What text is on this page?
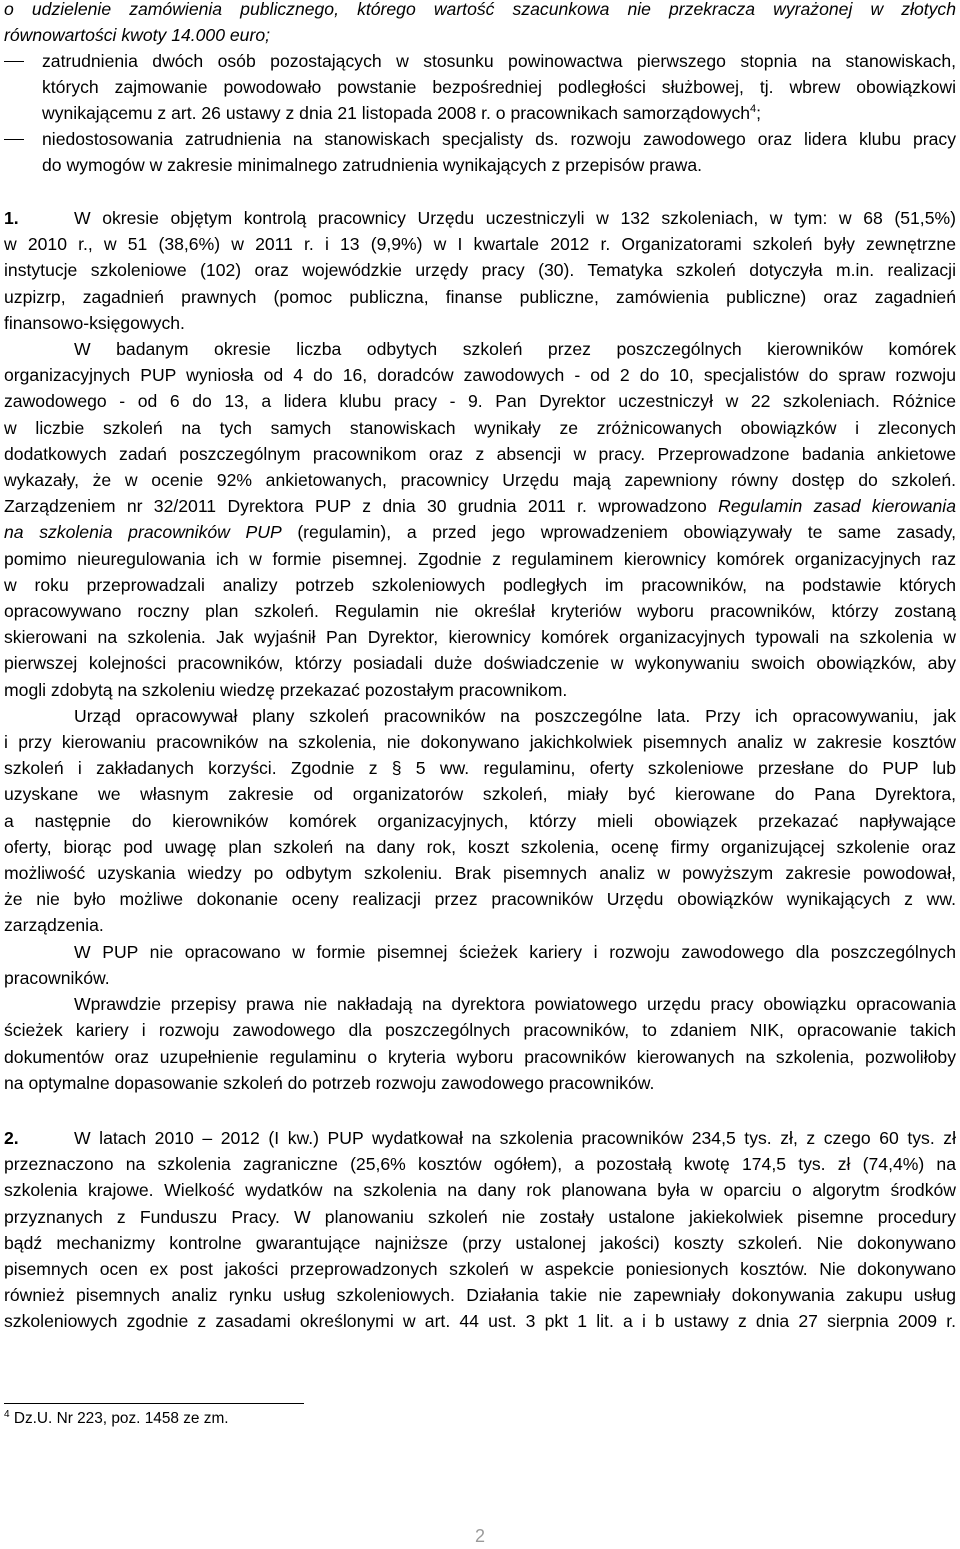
o udzielenie zamówienia publicznego, którego wartość szacunkowa nie przekracza wyrażonej w złotych

równowartości kwoty 14.000 euro;

zatrudnienia dwóch osób pozostających w stosunku powinowactwa pierwszego stopnia na stanowiskach,

których zajmowanie powodowało powstanie bezpośredniej podległości służbowej, tj. wbrew obowiązkowi

wynikającemu z art. 26 ustawy z dnia 21 listopada 2008 r. o pracownikach samorządowych$^4$;

niedostosowania zatrudnienia na stanowiskach specjalisty ds. rozwoju zawodowego oraz lidera klubu pracy

do wymogów w zakresie minimalnego zatrudnienia wynikających z przepisów prawa.

1.	W okresie objętym kontrolą pracownicy Urzędu uczestniczyli w 132 szkoleniach, w tym: w 68 (51,5%)

w 2010 r., w 51 (38,6%) w 2011 r. i 13 (9,9%) w I kwartale 2012 r. Organizatorami szkoleń były zewnętrzne

instytucje szkoleniowe (102) oraz wojewódzkie urzędy pracy (30). Tematyka szkoleń dotyczyła m.in. realizacji

uzpizrp, zagadnień prawnych (pomoc publiczna, finanse publiczne, zamówienia publiczne) oraz zagadnień

finansowo-księgowych.

W badanym okresie liczba odbytych szkoleń przez poszczególnych kierowników komórek

organizacyjnych PUP wyniosła od 4 do 16, doradców zawodowych - od 2 do 10, specjalistów do spraw rozwoju

zawodowego - od 6 do 13, a lidera klubu pracy - 9. Pan Dyrektor uczestniczył w 22 szkoleniach. Różnice

w liczbie szkoleń na tych samych stanowiskach wynikały ze zróżnicowanych obowiązków i zleconych

dodatkowych zadań poszczególnym pracownikom oraz z absencji w pracy. Przeprowadzone badania ankietowe

wykazały, że w ocenie 92% ankietowanych, pracownicy Urzędu mają zapewniony równy dostęp do szkoleń.

Zarządzeniem nr 32/2011 Dyrektora PUP z dnia 30 grudnia 2011 r. wprowadzono Regulamin zasad kierowania

na szkolenia pracowników PUP (regulamin), a przed jego wprowadzeniem obowiązywały te same zasady,

pomimo nieuregulowania ich w formie pisemnej. Zgodnie z regulaminem kierownicy komórek organizacyjnych raz

w roku przeprowadzali analizy potrzeb szkoleniowych podległych im pracowników, na podstawie których

opracowywano roczny plan szkoleń. Regulamin nie określał kryteriów wyboru pracowników, którzy zostaną

skierowani na szkolenia. Jak wyjaśnił Pan Dyrektor, kierownicy komórek organizacyjnych typowali na szkolenia w

pierwszej kolejności pracowników, którzy posiadali duże doświadczenie w wykonywaniu swoich obowiązków, aby

mogli zdobytą na szkoleniu wiedzę przekazać pozostałym pracownikom.

Urząd opracowywał plany szkoleń pracowników na poszczególne lata. Przy ich opracowywaniu, jak

i przy kierowaniu pracowników na szkolenia, nie dokonywano jakichkolwiek pisemnych analiz w zakresie kosztów

szkoleń i zakładanych korzyści. Zgodnie z § 5 ww. regulaminu, oferty szkoleniowe przesłane do PUP lub

uzyskane we własnym zakresie od organizatorów szkoleń, miały być kierowane do Pana Dyrektora,

a następnie do kierowników komórek organizacyjnych, którzy mieli obowiązek przekazać napływające

oferty, biorąc pod uwagę plan szkoleń na dany rok, koszt szkolenia, ocenę firmy organizującej szkolenie oraz

możliwość uzyskania wiedzy po odbytym szkoleniu. Brak pisemnych analiz w powyższym zakresie powodował,

że nie było możliwe dokonanie oceny realizacji przez pracowników Urzędu obowiązków wynikających z ww.

zarządzenia.

W PUP nie opracowano w formie pisemnej ścieżek kariery i rozwoju zawodowego dla poszczególnych

pracowników.

Wprawdzie przepisy prawa nie nakładają na dyrektora powiatowego urzędu pracy obowiązku opracowania

ścieżek kariery i rozwoju zawodowego dla poszczególnych pracowników, to zdaniem NIK, opracowanie takich

dokumentów oraz uzupełnienie regulaminu o kryteria wyboru pracowników kierowanych na szkolenia, pozwoliłoby

na optymalne dopasowanie szkoleń do potrzeb rozwoju zawodowego pracowników.

2.	W latach 2010 – 2012 (I kw.) PUP wydatkował na szkolenia pracowników 234,5 tys. zł, z czego 60 tys. zł

przeznaczono na szkolenia zagraniczne (25,6% kosztów ogółem), a pozostałą kwotę 174,5 tys. zł (74,4%) na

szkolenia krajowe. Wielkość wydatków na szkolenia na dany rok planowana była w oparciu o algorytm środków

przyznanych z Funduszu Pracy. W planowaniu szkoleń nie zostały ustalone jakiekolwiek pisemne procedury

bądź mechanizmy kontrolne gwarantujące najniższe (przy ustalonej jakości) koszty szkoleń. Nie dokonywano

pisemnych ocen ex post jakości przeprowadzonych szkoleń w aspekcie poniesionych kosztów. Nie dokonywano

również pisemnych analiz rynku usług szkoleniowych. Działania takie nie zapewniały dokonywania zakupu usług

szkoleniowych zgodnie z zasadami określonymi w art. 44 ust. 3 pkt 1 lit. a i b ustawy z dnia 27 sierpnia 2009 r.

$^4$ Dz.U. Nr 223, poz. 1458 ze zm.

2
